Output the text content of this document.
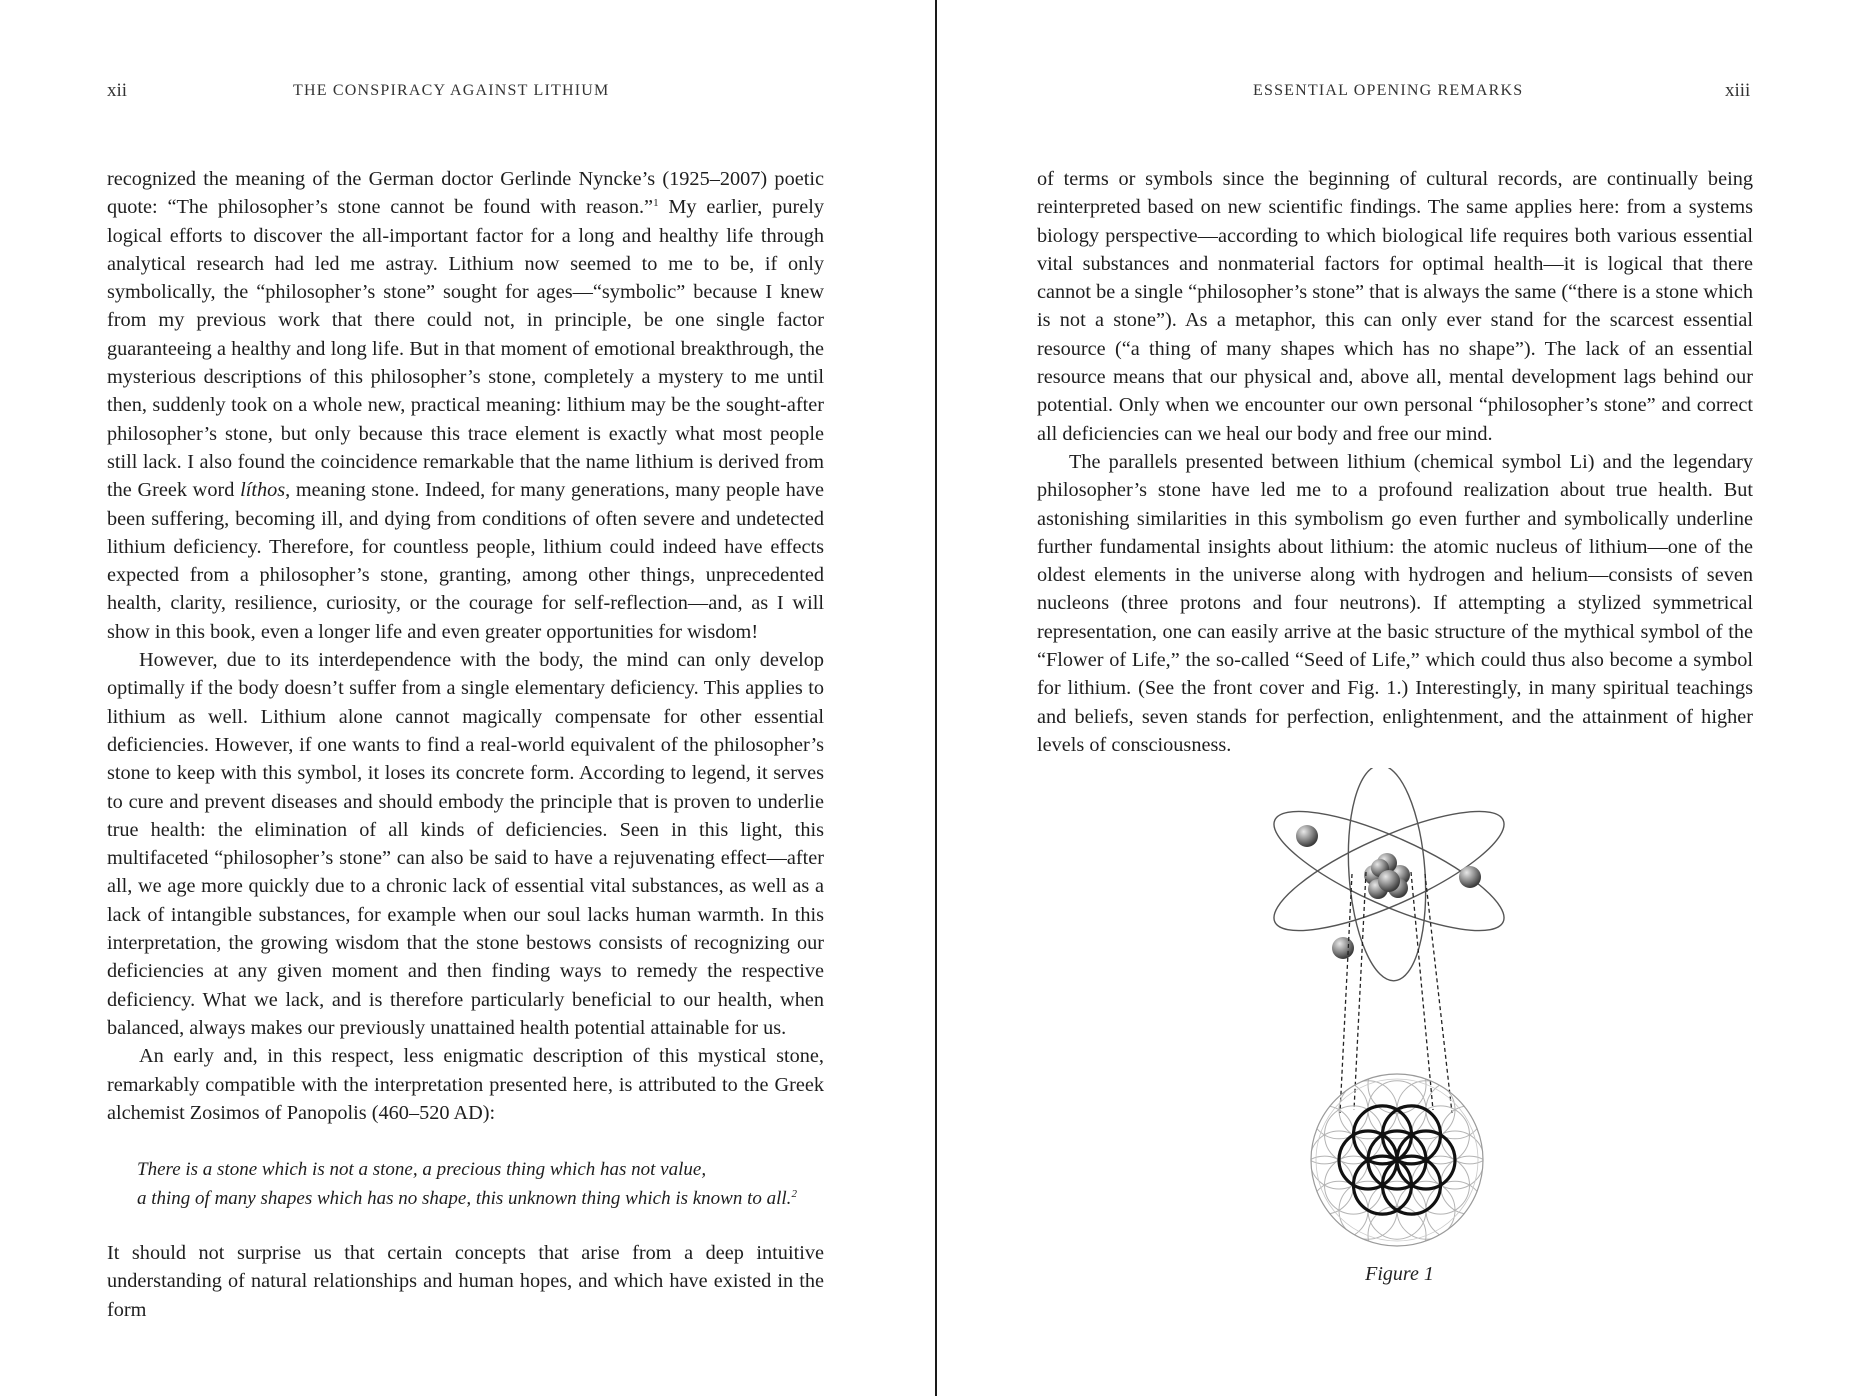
xii	THE CONSPIRACY AGAINST LITHIUM

recognized the meaning of the German doctor Gerlinde Nyncke’s (1925–2007) poetic quote: “The philosopher’s stone cannot be found with reason.”$^1$ My earlier, purely logical efforts to discover the all-important factor for a long and healthy life through analytical research had led me astray. Lithium now seemed to me to be, if only symbolically, the “philosopher’s stone” sought for ages—“symbolic” because I knew from my previous work that there could not, in principle, be one single factor guaranteeing a healthy and long life. But in that moment of emotional breakthrough, the mysterious descriptions of this philosopher’s stone, completely a mystery to me until then, suddenly took on a whole new, practical meaning: lithium may be the sought-after philosopher’s stone, but only because this trace element is exactly what most people still lack. I also found the coincidence remarkable that the name lithium is derived from the Greek word líthos, meaning stone. Indeed, for many generations, many people have been suffering, becoming ill, and dying from conditions of often severe and undetected lithium deficiency. Therefore, for countless people, lithium could indeed have effects expected from a philosopher’s stone, granting, among other things, unprecedented health, clarity, resilience, curiosity, or the courage for self-reflection—and, as I will show in this book, even a longer life and even greater opportunities for wisdom!

However, due to its interdependence with the body, the mind can only develop optimally if the body doesn’t suffer from a single elementary deficiency. This applies to lithium as well. Lithium alone cannot magically compensate for other essential deficiencies. However, if one wants to find a real-world equivalent of the philosopher’s stone to keep with this symbol, it loses its concrete form. According to legend, it serves to cure and prevent diseases and should embody the principle that is proven to underlie true health: the elimination of all kinds of deficiencies. Seen in this light, this multifaceted “philosopher’s stone” can also be said to have a rejuvenating effect—after all, we age more quickly due to a chronic lack of essential vital substances, as well as a lack of intangible substances, for example when our soul lacks human warmth. In this interpretation, the growing wisdom that the stone bestows consists of recognizing our deficiencies at any given moment and then finding ways to remedy the respective deficiency. What we lack, and is therefore particularly beneficial to our health, when balanced, always makes our previously unattained health potential attainable for us.

An early and, in this respect, less enigmatic description of this mystical stone, remarkably compatible with the interpretation presented here, is attributed to the Greek alchemist Zosimos of Panopolis (460–520 AD):

There is a stone which is not a stone, a precious thing which has not value,
a thing of many shapes which has no shape, this unknown thing which is known to all.$^2$

It should not surprise us that certain concepts that arise from a deep intuitive understanding of natural relationships and human hopes, and which have existed in the form

ESSENTIAL OPENING REMARKS	xiii

of terms or symbols since the beginning of cultural records, are continually being reinterpreted based on new scientific findings. The same applies here: from a systems biology perspective—according to which biological life requires both various essential vital substances and nonmaterial factors for optimal health—it is logical that there cannot be a single “philosopher’s stone” that is always the same (“there is a stone which is not a stone”). As a metaphor, this can only ever stand for the scarcest essential resource (“a thing of many shapes which has no shape”). The lack of an essential resource means that our physical and, above all, mental development lags behind our potential. Only when we encounter our own personal “philosopher’s stone” and correct all deficiencies can we heal our body and free our mind.

The parallels presented between lithium (chemical symbol Li) and the legendary philosopher’s stone have led me to a profound realization about true health. But astonishing similarities in this symbolism go even further and symbolically underline further fundamental insights about lithium: the atomic nucleus of lithium—one of the oldest elements in the universe along with hydrogen and helium—consists of seven nucleons (three protons and four neutrons). If attempting a stylized symmetrical representation, one can easily arrive at the basic structure of the mythical symbol of the “Flower of Life,” the so-called “Seed of Life,” which could thus also become a symbol for lithium. (See the front cover and Fig. 1.) Interestingly, in many spiritual teachings and beliefs, seven stands for perfection, enlightenment, and the attainment of higher levels of consciousness.

Figure 1
